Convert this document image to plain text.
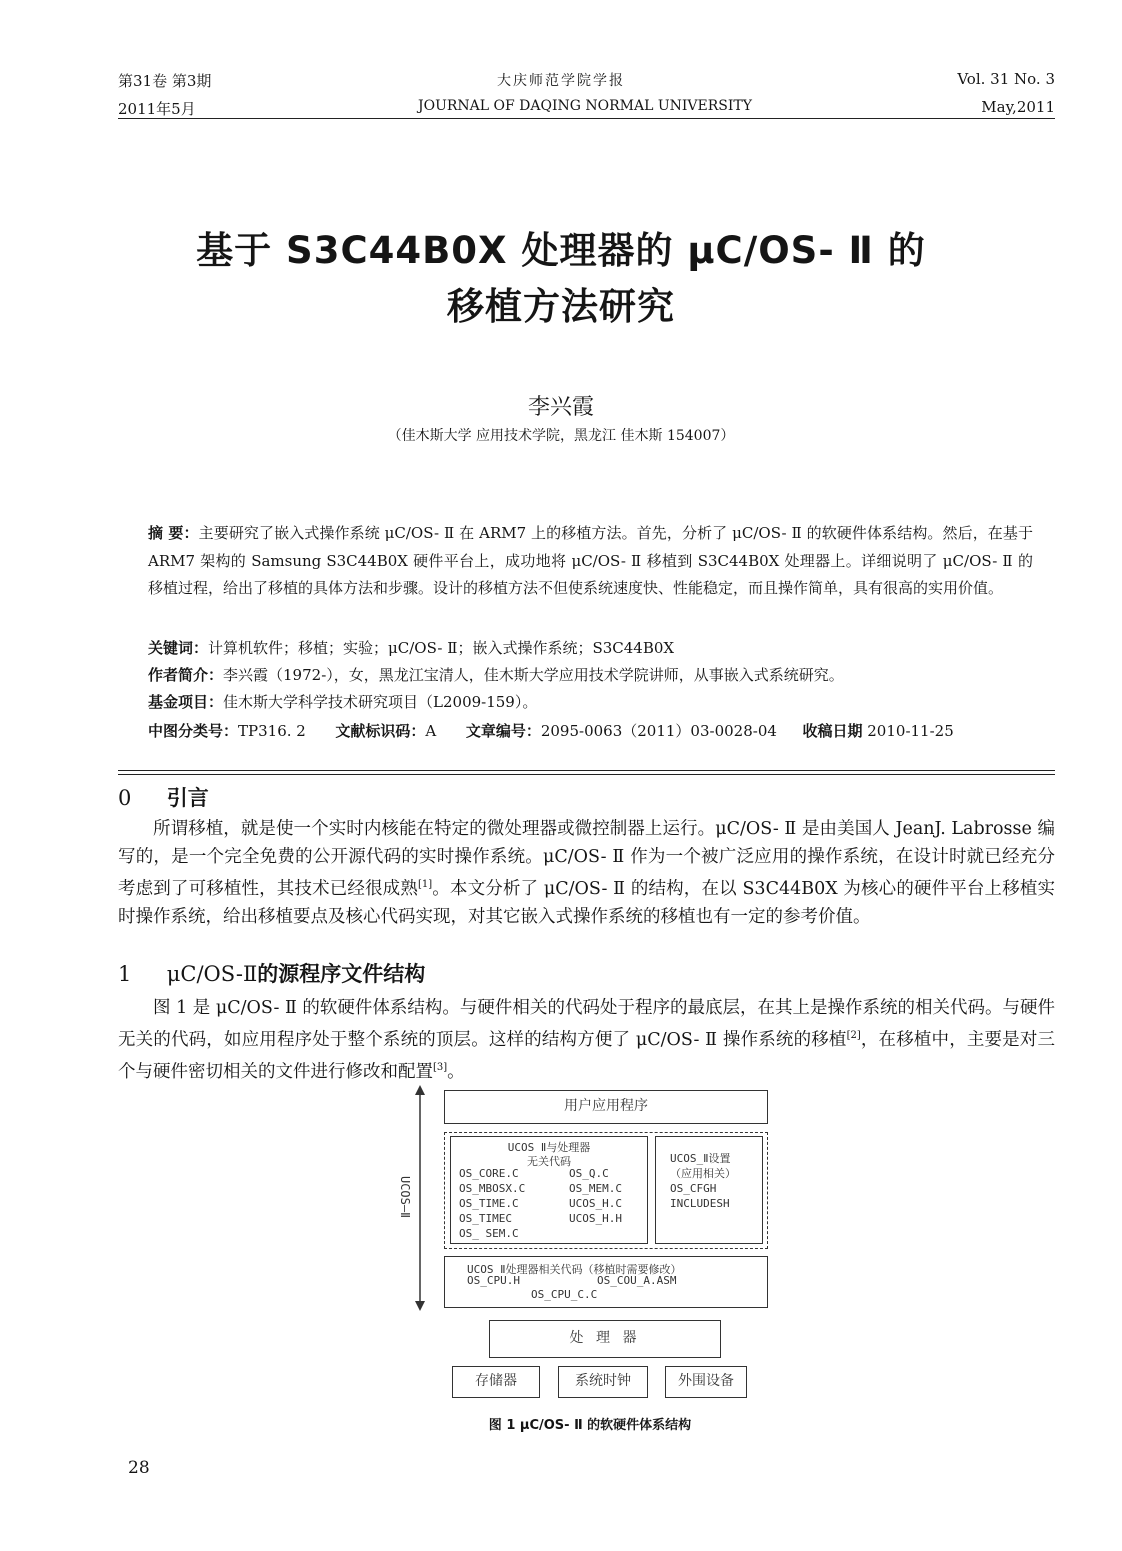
第31卷 第3期
2011年5月
大庆师范学院学报
JOURNAL OF DAQING NORMAL UNIVERSITY
Vol. 31 No. 3
May,2011
基于 S3C44B0X 处理器的 μC/OS- Ⅱ 的
移植方法研究
李兴霞
（佳木斯大学 应用技术学院，黑龙江 佳木斯 154007）
摘 要：主要研究了嵌入式操作系统 μC/OS- Ⅱ 在 ARM7 上的移植方法。首先，分析了 μC/OS- Ⅱ 的软硬件体系结构。然后，在基于 ARM7 架构的 Samsung S3C44B0X 硬件平台上，成功地将 μC/OS- Ⅱ 移植到 S3C44B0X 处理器上。详细说明了 μC/OS- Ⅱ 的移植过程，给出了移植的具体方法和步骤。设计的移植方法不但使系统速度快、性能稳定，而且操作简单，具有很高的实用价值。
关键词：计算机软件；移植；实验；μC/OS- Ⅱ；嵌入式操作系统；S3C44B0X
作者简介：李兴霞（1972-），女，黑龙江宝清人，佳木斯大学应用技术学院讲师，从事嵌入式系统研究。
基金项目：佳木斯大学科学技术研究项目（L2009-159）。
中图分类号：TP316. 2 文献标识码：A 文章编号：2095-0063（2011）03-0028-04 收稿日期 2010-11-25
0 引言
所谓移植，就是使一个实时内核能在特定的微处理器或微控制器上运行。μC/OS- Ⅱ 是由美国人 JeanJ. Labrosse 编写的，是一个完全免费的公开源代码的实时操作系统。μC/OS- Ⅱ 作为一个被广泛应用的操作系统，在设计时就已经充分考虑到了可移植性，其技术已经很成熟[1]。本文分析了 μC/OS- Ⅱ 的结构，在以 S3C44B0X 为核心的硬件平台上移植实时操作系统，给出移植要点及核心代码实现，对其它嵌入式操作系统的移植也有一定的参考价值。
1 μC/OS-Ⅱ的源程序文件结构
图 1 是 μC/OS- Ⅱ 的软硬件体系结构。与硬件相关的代码处于程序的最底层，在其上是操作系统的相关代码。与硬件无关的代码，如应用程序处于整个系统的顶层。这样的结构方便了 μC/OS- Ⅱ 操作系统的移植[2]，在移植中，主要是对三个与硬件密切相关的文件进行修改和配置[3]。
UCOS—Ⅱ
用户应用程序
UCOS Ⅱ与处理器
无关代码
OS_CORE.C
OS_MBOSX.C
OS_TIME.C
OS_TIMEC
OS_ SEM.C
OS_Q.C
OS_MEM.C
UCOS_H.C
UCOS_H.H
UCOS_Ⅱ设置
（应用相关）
OS_CFGH
INCLUDESH
UCOS Ⅱ处理器相关代码（移植时需要修改）
OS_CPU.H	OS_COU_A.ASM
OS_CPU_C.C
处 理 器
存储器	系统时钟	外围设备
图 1 μC/OS- Ⅱ 的软硬件体系结构
28
